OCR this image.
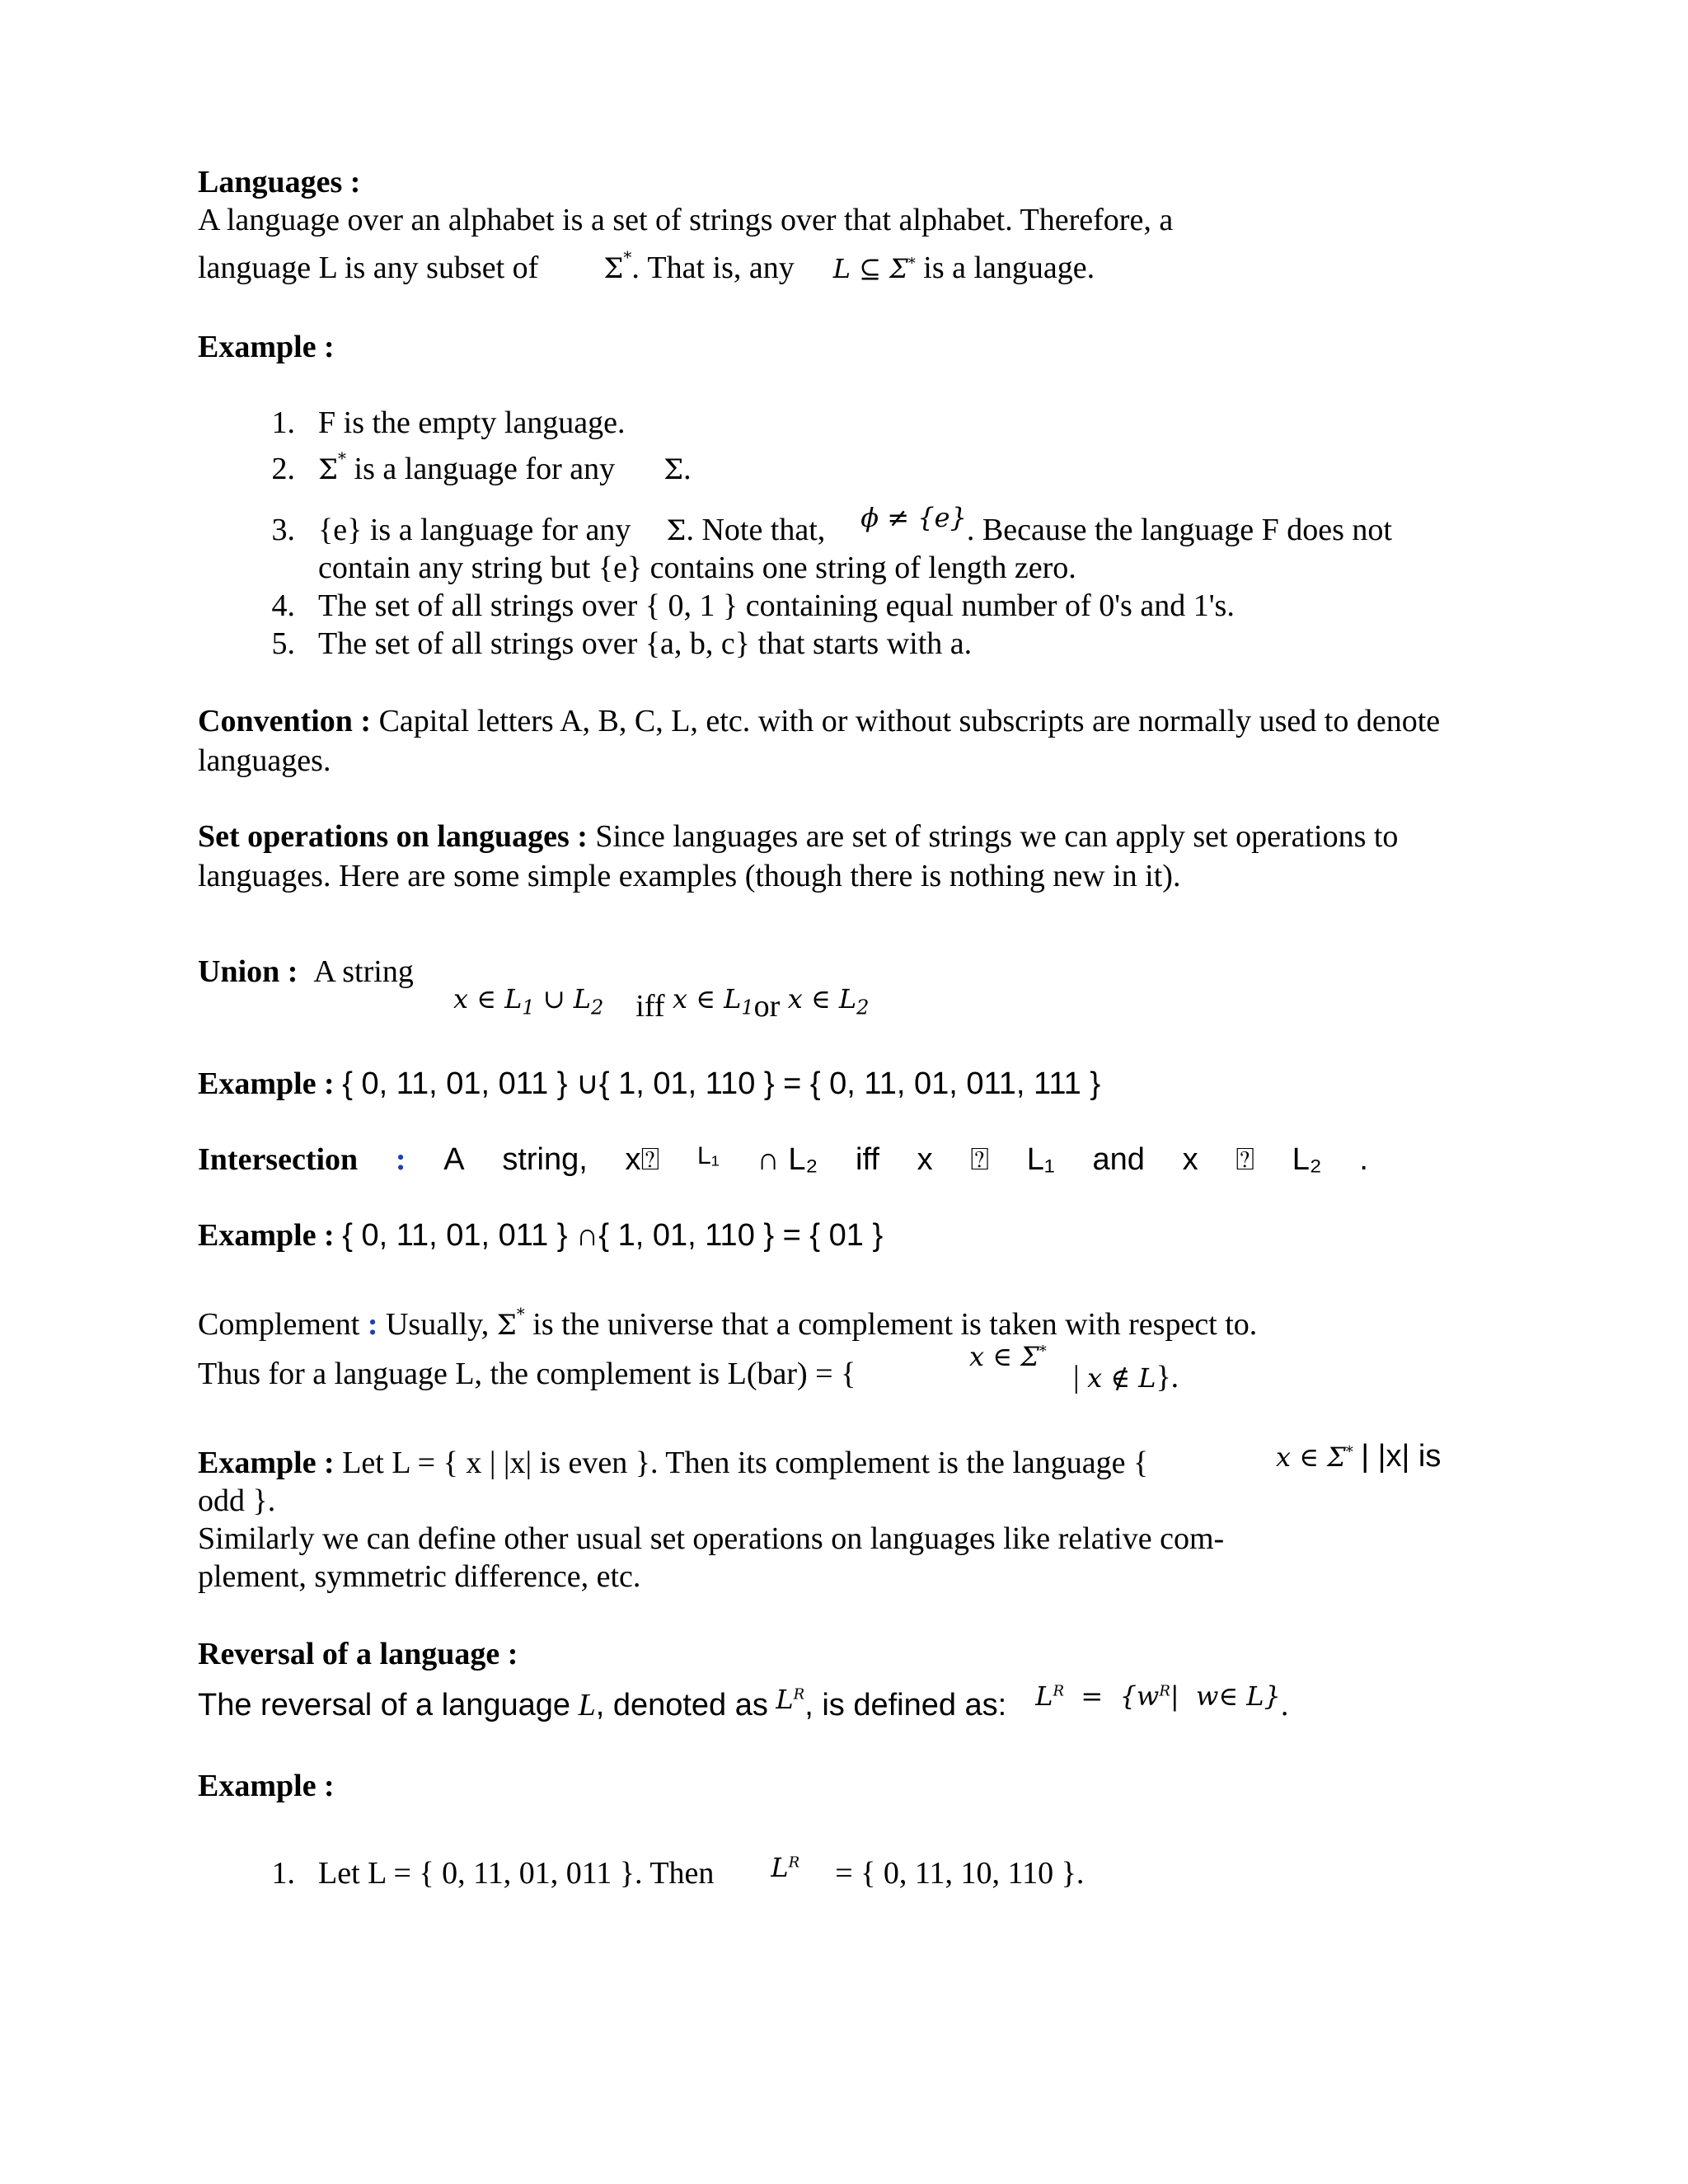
Languages :
A language over an alphabet is a set of strings over that alphabet. Therefore, a
language L is any subset of Σ*. That is, any L ⊆ Σ* is a language.
Example :
1. F is the empty language.
2. Σ* is a language for any Σ.
3. {e} is a language for any Σ. Note that, $^{\phi \ne \{e\}}$. Because the language F does not
contain any string but {e} contains one string of length zero.
4. The set of all strings over { 0, 1 } containing equal number of 0's and 1's.
5. The set of all strings over {a, b, c} that starts with a.
Convention : Capital letters A, B, C, L, etc. with or without subscripts are normally used to denote languages.
Set operations on languages : Since languages are set of strings we can apply set operations to languages. Here are some simple examples (though there is nothing new in it).
Union : A string
x ∈ $L_1$ ∪ $L_2$ iff x ∈ $L_1or$ x ∈ $L_2$
Example : { 0, 11, 01, 011 } ∪{ 1, 01, 110 } = { 0, 11, 01, 011, 111 }
Intersection : A string, x⍰ L₁ ∩ L₂ iff x ⍰ L₁ and x ⍰ L₂ .
Example : { 0, 11, 01, 011 } ∩{ 1, 01, 110 } = { 01 }
Complement : Usually, Σ* is the universe that a complement is taken with respect to.
Thus for a language L, the complement is L(bar) = {	x ∈ Σ*
| x ∉ L}.
Example : Let L = { x | |x| is even }. Then its complement is the language {	x ∈ Σ* | |x| is
odd }.
Similarly we can define other usual set operations on languages like relative com-
plement, symmetric difference, etc.
Reversal of a language :
The reversal of a language L, denoted as $^{L^R}$, is defined as: $^{L^R = \{w^R| w\in L\}}$.
Example :
1. Let L = { 0, 11, 01, 011 }. Then $^{L^R}$ = { 0, 11, 10, 110 }.
